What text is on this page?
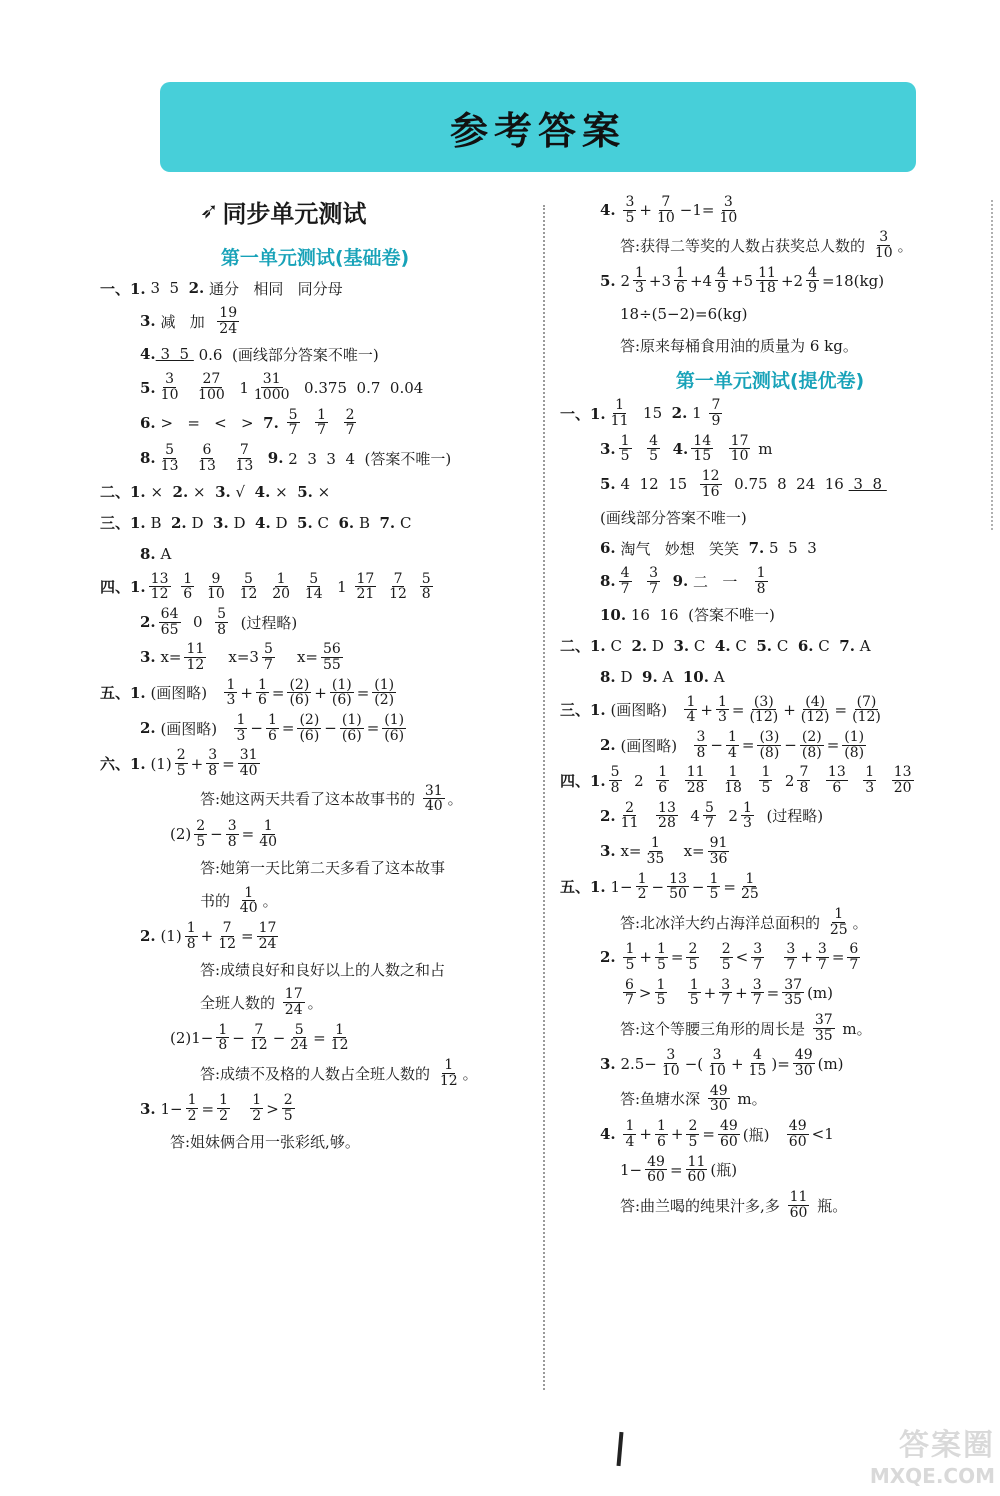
参考答案
➶ 同步单元测试
第一单元测试(基础卷)
一、1. 3  5 2. 通分   相同   同分母
3. 减   加 $\frac{19}{24}$
4. 3  5 0.6  (画线部分答案不唯一)
5. $\frac{3}{10}$
$\frac{27}{100} 1 \frac{31}{1000} 0.375$  0.7  0.04
6. >   =   <   > 7.
$\frac{5}{7}$
$\frac{1}{7}$
$\frac{2}{7}$
8. $\frac{5}{13}$
$\frac{6}{13}$
$\frac{7}{13}$
9. 2  3  3  4  (答案不唯一)
二、1. × 2. × 3. √ 4. × 5. ×
三、1. B 2. D 3. D 4. D 5. C 6. B 7. C
8. A
四、1. $\frac{13}{12}$
$\frac{1}{6}$
$\frac{9}{10}$
$\frac{5}{12}$
$\frac{1}{20}$
$\frac{5}{14} 1 \frac{17}{21}$
$\frac{7}{12}$
$\frac{5}{8}$
2. $\frac{64}{65} 0 \frac{5}{8}$ (过程略)
3. $x= \frac{11}{12} x=3 \frac{5}{7} x= \frac{56}{55}$
五、1. (画图略) $\frac{1}{3} + \frac{1}{6} = \frac{(2)}{(6)} + \frac{(1)}{(6)} = \frac{(1)}{(2)}$
2. (画图略) $\frac{1}{3} - \frac{1}{6} = \frac{(2)}{(6)} - \frac{(1)}{(6)} = \frac{(1)}{(6)}$
六、1. $(1) \frac{2}{5} + \frac{3}{8} = \frac{31}{40}$
答:她这两天共看了这本故事书的 $\frac{31}{40}$ 。
$(2) \frac{2}{5} - \frac{3}{8} = \frac{1}{40}$
答:她第一天比第二天多看了这本故事
书的 $\frac{1}{40}$ 。
2. $(1) \frac{1}{8} + \frac{7}{12} = \frac{17}{24}$
答:成绩良好和良好以上的人数之和占
全班人数的 $\frac{17}{24}$ 。
$(2)1- \frac{1}{8} - \frac{7}{12} - \frac{5}{24} = \frac{1}{12}$
答:成绩不及格的人数占全班人数的 $\frac{1}{12}$ 。
3. $1- \frac{1}{2} = \frac{1}{2}$
$\frac{1}{2} > \frac{2}{5}$
答:姐妹俩合用一张彩纸,够。
4.
$\frac{3}{5} + \frac{7}{10} -1= \frac{3}{10}$
答:获得二等奖的人数占获奖总人数的 $\frac{3}{10}$ 。
5. $2 \frac{1}{3} +3 \frac{1}{6} +4 \frac{4}{9} +5 \frac{11}{18} +2 \frac{4}{9} =18(kg)$
18÷(5−2)=6(kg)
答:原来每桶食用油的质量为 6 kg。
第一单元测试(提优卷)
一、1. $\frac{1}{11} 15$ 2. $1 \frac{7}{9}$
3. $\frac{1}{5}$
$\frac{4}{5}$
4. $\frac{14}{15}$
$\frac{17}{10}$ m
5. 4  12  $15 \frac{12}{16} 0.75$  8  24  16 3  8
(画线部分答案不唯一)
6. 淘气   妙想   笑笑 7. 5  5  3
8. $\frac{4}{7}$
$\frac{3}{7}$
9. 二   一 $\frac{1}{8}$
10. 16  16  (答案不唯一)
二、1. C 2. D 3. C 4. C 5. C 6. C 7. A
8. D 9. A 10. A
三、1. (画图略) $\frac{1}{4} + \frac{1}{3} = \frac{(3)}{(12)} + \frac{(4)}{(12)} = \frac{(7)}{(12)}$
2. (画图略) $\frac{3}{8} - \frac{1}{4} = \frac{(3)}{(8)} - \frac{(2)}{(8)} = \frac{(1)}{(8)}$
四、1. $\frac{5}{8} 2 \frac{1}{6}$
$\frac{11}{28}$
$\frac{1}{18}$
$\frac{1}{5} 2 \frac{7}{8}$
$\frac{13}{6}$
$\frac{1}{3}$
$\frac{13}{20}$
2. $\frac{2}{11}$
$\frac{13}{28} 4 \frac{5}{7} 2 \frac{1}{3}$ (过程略)
3. $x= \frac{1}{35} x= \frac{91}{36}$
五、1. $1- \frac{1}{2} - \frac{13}{50} - \frac{1}{5} = \frac{1}{25}$
答:北冰洋大约占海洋总面积的 $\frac{1}{25}$ 。
2.
$\frac{1}{5} + \frac{1}{5} = \frac{2}{5}$
$\frac{2}{5} < \frac{3}{7}$
$\frac{3}{7} + \frac{3}{7} = \frac{6}{7}$
$\frac{6}{7} > \frac{1}{5}$
$\frac{1}{5} + \frac{3}{7} + \frac{3}{7} = \frac{37}{35} (m)$
答:这个等腰三角形的周长是 $\frac{37}{35}$ m。
3. $2.5- \frac{3}{10}$ −( $\frac{3}{10} + \frac{4}{15}$ )= $\frac{49}{30} (m)$
答:鱼塘水深 $\frac{49}{30}$ m。
4.
$\frac{1}{4} + \frac{1}{6} + \frac{2}{5} = \frac{49}{60}$ (瓶) $\frac{49}{60} <1$
$1- \frac{49}{60} = \frac{11}{60}$ (瓶)
答:曲兰喝的纯果汁多,多 $\frac{11}{60}$ 瓶。
答案圈
MXQE.COM
